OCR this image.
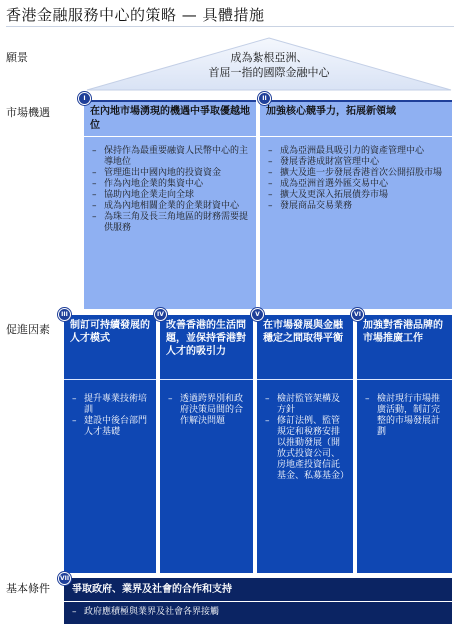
香港金融服務中心的策略 — 具體措施
願景
市場機遇
促進因素
基本條件
成為紮根亞洲、
首屈一指的國際金融中心
在內地市場湧現的機遇中爭取優越地位
– 保持作為最重要融資人民幣中心的主導地位
– 管理進出中國內地的投資資金
– 作為內地企業的集資中心
– 協助內地企業走向全球
– 成為內地相關企業的企業財資中心
– 為珠三角及長三角地區的財務需要提供服務
I
加強核心競爭力，拓展新領域
– 成為亞洲最具吸引力的資產管理中心
– 發展香港成財富管理中心
– 擴大及進一步發展香港首次公開招股市場
– 成為亞洲首選外匯交易中心
– 擴大及更深入拓展債券市場
– 發展商品交易業務
II
制訂可持續發展的人才模式
– 提升專業技術培訓
– 建設中後台部門人才基礎
III
改善香港的生活問題，並保持香港對人才的吸引力
– 透過跨界別和政府決策局間的合作解決問題
IV
在市場發展與金融穩定之間取得平衡
– 檢討監管架構及方針
– 修訂法例、監管規定和稅務安排以推動發展（開放式投資公司、房地產投資信託基金、私募基金）
V
加強對香港品牌的市場推廣工作
– 檢討現行市場推廣活動，制訂完整的市場發展計劃
VI
爭取政府、業界及社會的合作和支持
– 政府應積極與業界及社會各界接觸
VII
